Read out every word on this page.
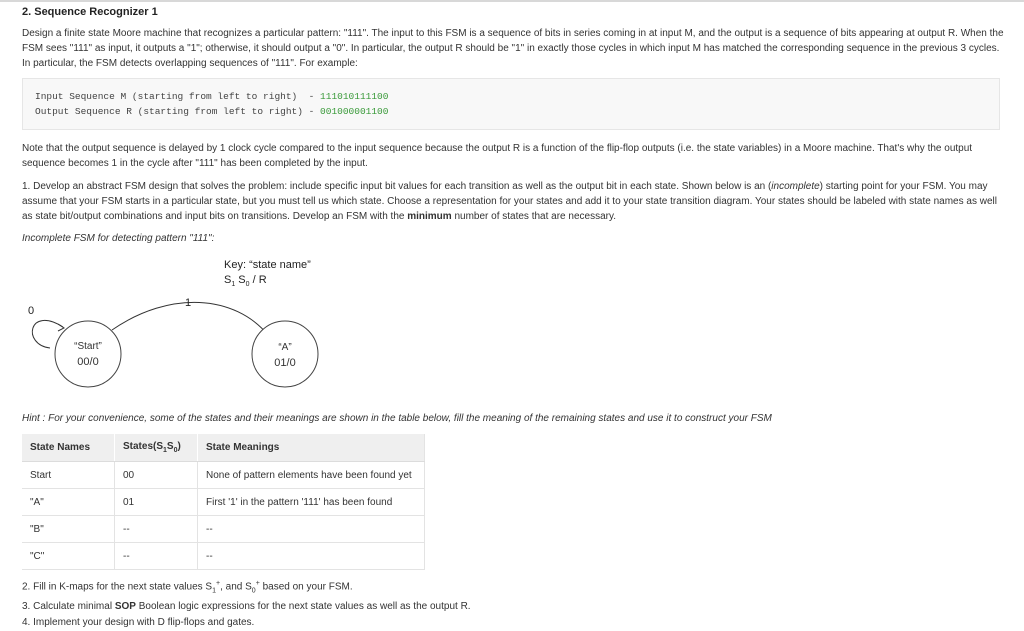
2. Sequence Recognizer 1
Design a finite state Moore machine that recognizes a particular pattern: "111". The input to this FSM is a sequence of bits in series coming in at input M, and the output is a sequence of bits appearing at output R. When the FSM sees "111" as input, it outputs a "1"; otherwise, it should output a "0". In particular, the output R should be "1" in exactly those cycles in which input M has matched the corresponding sequence in the previous 3 cycles. In particular, the FSM detects overlapping sequences of "111". For example:
Input Sequence M (starting from left to right)  - 111010111100
Output Sequence R (starting from left to right) - 001000001100
Note that the output sequence is delayed by 1 clock cycle compared to the input sequence because the output R is a function of the flip-flop outputs (i.e. the state variables) in a Moore machine. That's why the output sequence becomes 1 in the cycle after "111" has been completed by the input.
1. Develop an abstract FSM design that solves the problem: include specific input bit values for each transition as well as the output bit in each state. Shown below is an (incomplete) starting point for your FSM. You may assume that your FSM starts in a particular state, but you must tell us which state. Choose a representation for your states and add it to your state transition diagram. Your states should be labeled with state names as well as state bit/output combinations and input bits on transitions. Develop an FSM with the minimum number of states that are necessary.
Incomplete FSM for detecting pattern "111":
Key: “state name”
$S_1$ $S_0$ / R
0
1
“Start”
00/0
“A”
01/0
Hint : For your convenience, some of the states and their meanings are shown in the table below, fill the meaning of the remaining states and use it to construct your FSM
State Names	$States(S_1S_0)$	State Meanings
Start	00	None of pattern elements have been found yet
"A"	01	First '1' in the pattern '111' has been found
"B"	--	--
"C"	--	--
2. Fill in K-maps for the next state values $S_1^+$, and $S_0^+$ based on your FSM.
3. Calculate minimal SOP Boolean logic expressions for the next state values as well as the output R.
4. Implement your design with D flip-flops and gates.
